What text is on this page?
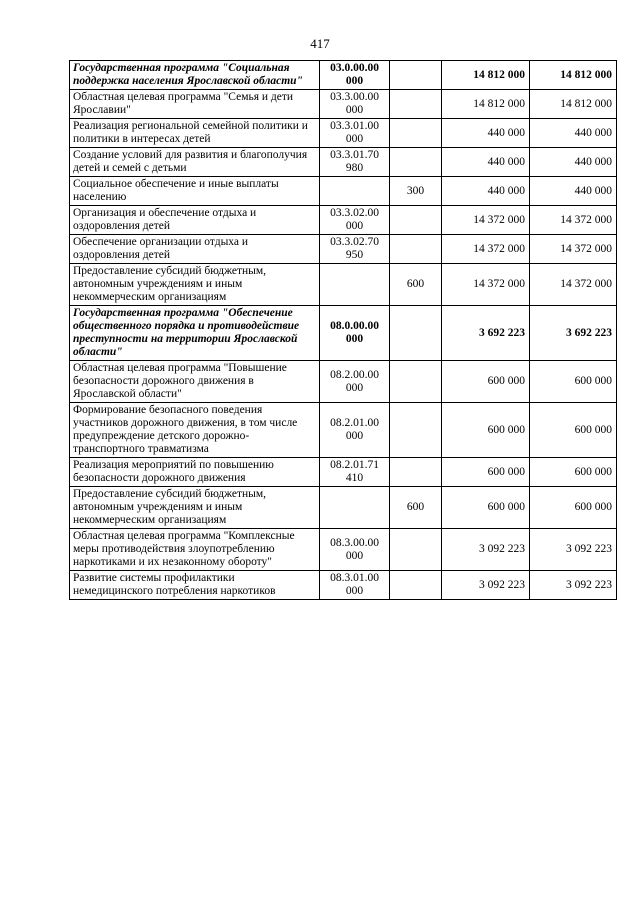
417
Государственная программа "Социальная поддержка населения Ярославской области"	03.0.00.00 000		14 812 000	14 812 000
Областная целевая программа "Семья и дети Ярославии"	03.3.00.00 000		14 812 000	14 812 000
Реализация региональной семейной политики и политики в интересах детей	03.3.01.00 000		440 000	440 000
Создание условий для развития и благополучия детей и семей с детьми	03.3.01.70 980		440 000	440 000
Социальное обеспечение и иные выплаты населению		300	440 000	440 000
Организация и обеспечение отдыха и оздоровления детей	03.3.02.00 000		14 372 000	14 372 000
Обеспечение организации отдыха и оздоровления детей	03.3.02.70 950		14 372 000	14 372 000
Предоставление субсидий бюджетным, автономным учреждениям и иным некоммерческим организациям		600	14 372 000	14 372 000
Государственная программа "Обеспечение общественного порядка и противодействие преступности на территории Ярославской области"	08.0.00.00 000		3 692 223	3 692 223
Областная целевая программа "Повышение безопасности дорожного движения в Ярославской области"	08.2.00.00 000		600 000	600 000
Формирование безопасного поведения участников дорожного движения, в том числе предупреждение детского дорожно-транспортного травматизма	08.2.01.00 000		600 000	600 000
Реализация мероприятий по повышению безопасности дорожного движения	08.2.01.71 410		600 000	600 000
Предоставление субсидий бюджетным, автономным учреждениям и иным некоммерческим организациям		600	600 000	600 000
Областная целевая программа "Комплексные меры противодействия злоупотреблению наркотиками и их незаконному обороту"	08.3.00.00 000		3 092 223	3 092 223
Развитие системы профилактики немедицинского потребления наркотиков	08.3.01.00 000		3 092 223	3 092 223
